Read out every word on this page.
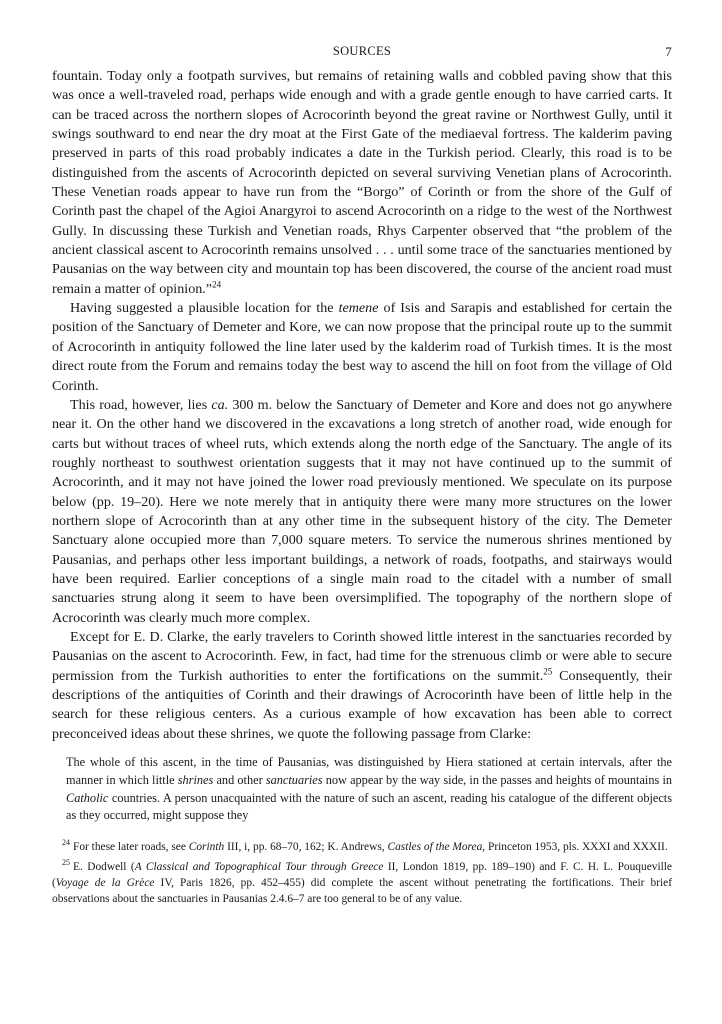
SOURCES	7

fountain. Today only a footpath survives, but remains of retaining walls and cobbled paving show that this was once a well-traveled road, perhaps wide enough and with a grade gentle enough to have carried carts. It can be traced across the northern slopes of Acrocorinth beyond the great ravine or Northwest Gully, until it swings southward to end near the dry moat at the First Gate of the mediaeval fortress. The kalderim paving preserved in parts of this road probably indicates a date in the Turkish period. Clearly, this road is to be distinguished from the ascents of Acrocorinth depicted on several surviving Venetian plans of Acrocorinth. These Venetian roads appear to have run from the “Borgo” of Corinth or from the shore of the Gulf of Corinth past the chapel of the Agioi Anargyroi to ascend Acrocorinth on a ridge to the west of the Northwest Gully. In discussing these Turkish and Venetian roads, Rhys Carpenter observed that “the problem of the ancient classical ascent to Acrocorinth remains unsolved . . . until some trace of the sanctuaries mentioned by Pausanias on the way between city and mountain top has been discovered, the course of the ancient road must remain a matter of opinion.”$^{24}$

Having suggested a plausible location for the temene of Isis and Sarapis and established for certain the position of the Sanctuary of Demeter and Kore, we can now propose that the principal route up to the summit of Acrocorinth in antiquity followed the line later used by the kalderim road of Turkish times. It is the most direct route from the Forum and remains today the best way to ascend the hill on foot from the village of Old Corinth.

This road, however, lies ca. 300 m. below the Sanctuary of Demeter and Kore and does not go anywhere near it. On the other hand we discovered in the excavations a long stretch of another road, wide enough for carts but without traces of wheel ruts, which extends along the north edge of the Sanctuary. The angle of its roughly northeast to southwest orientation suggests that it may not have continued up to the summit of Acrocorinth, and it may not have joined the lower road previously mentioned. We speculate on its purpose below (pp. 19–20). Here we note merely that in antiquity there were many more structures on the lower northern slope of Acrocorinth than at any other time in the subsequent history of the city. The Demeter Sanctuary alone occupied more than 7,000 square meters. To service the numerous shrines mentioned by Pausanias, and perhaps other less important buildings, a network of roads, footpaths, and stairways would have been required. Earlier conceptions of a single main road to the citadel with a number of small sanctuaries strung along it seem to have been oversimplified. The topography of the northern slope of Acrocorinth was clearly much more complex.

Except for E. D. Clarke, the early travelers to Corinth showed little interest in the sanctuaries recorded by Pausanias on the ascent to Acrocorinth. Few, in fact, had time for the strenuous climb or were able to secure permission from the Turkish authorities to enter the fortifications on the summit.$^{25}$ Consequently, their descriptions of the antiquities of Corinth and their drawings of Acrocorinth have been of little help in the search for these religious centers. As a curious example of how excavation has been able to correct preconceived ideas about these shrines, we quote the following passage from Clarke:

The whole of this ascent, in the time of Pausanias, was distinguished by Hiera stationed at certain intervals, after the manner in which little shrines and other sanctuaries now appear by the way side, in the passes and heights of mountains in Catholic countries. A person unacquainted with the nature of such an ascent, reading his catalogue of the different objects as they occurred, might suppose they

$^{24}$ For these later roads, see Corinth III, i, pp. 68–70, 162; K. Andrews, Castles of the Morea, Princeton 1953, pls. XXXI and XXXII.

$^{25}$ E. Dodwell (A Classical and Topographical Tour through Greece II, London 1819, pp. 189–190) and F. C. H. L. Pouqueville (Voyage de la Grèce IV, Paris 1826, pp. 452–455) did complete the ascent without penetrating the fortifications. Their brief observations about the sanctuaries in Pausanias 2.4.6–7 are too general to be of any value.
